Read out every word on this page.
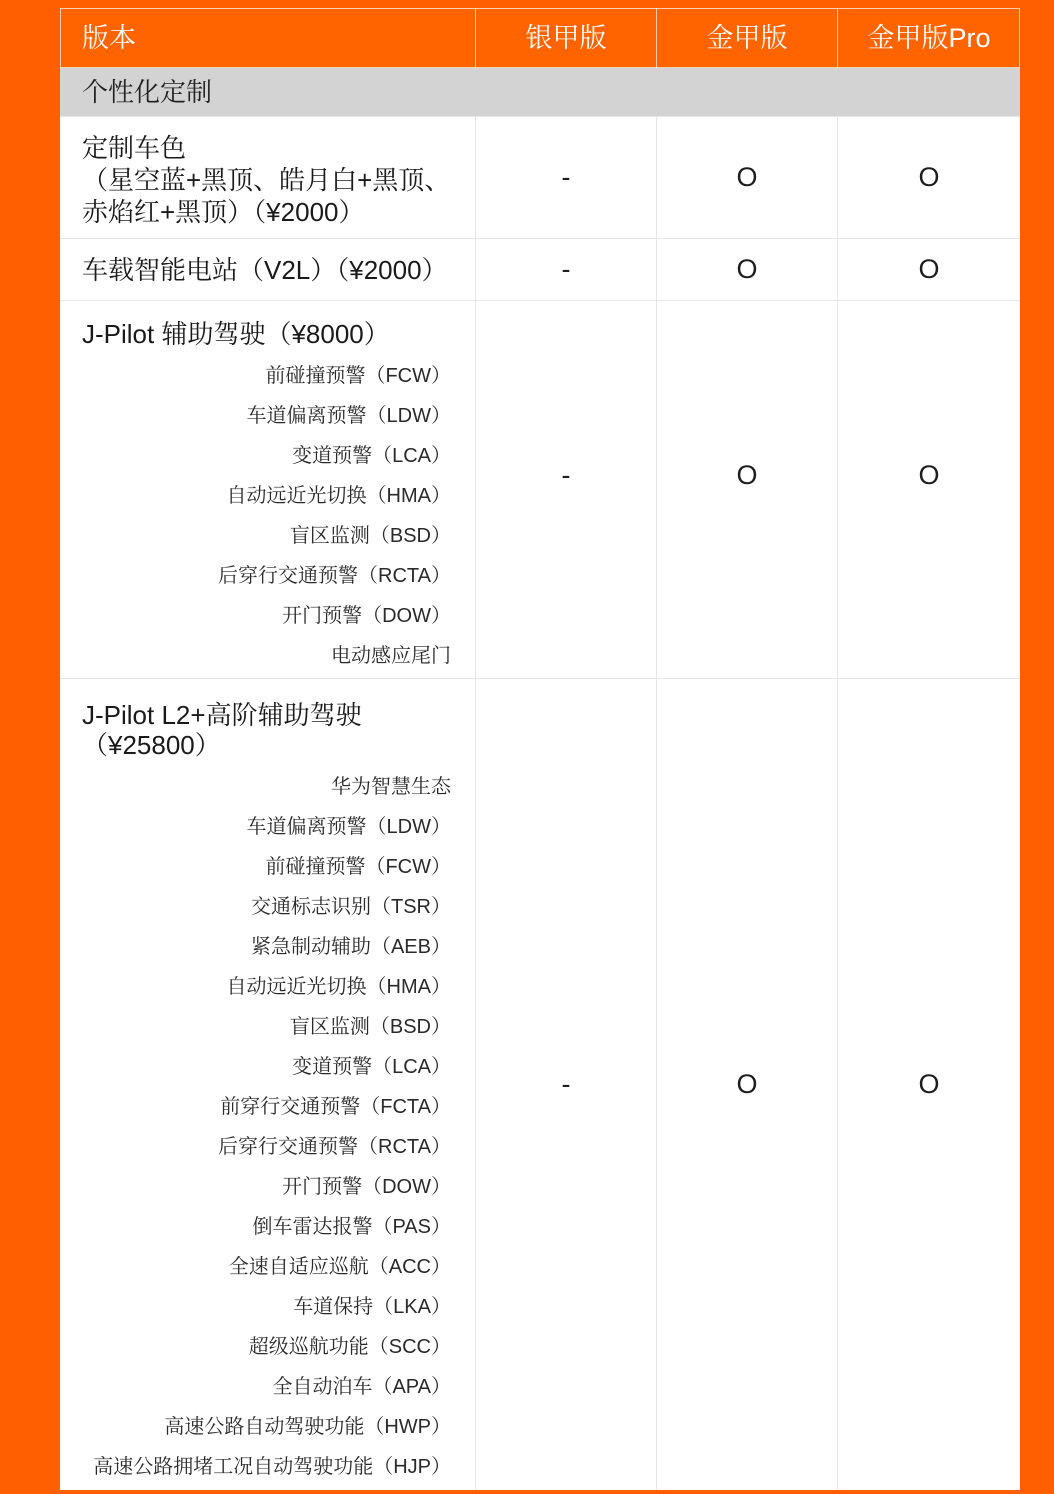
版本	银甲版	金甲版	金甲版Pro
个性化定制
定制车色
（星空蓝+黑顶、皓月白+黑顶、
赤焰红+黑顶）（¥2000）
-	O	O
车载智能电站（V2L）（¥2000）	-	O	O
J-Pilot 辅助驾驶（¥8000）
前碰撞预警（FCW）
车道偏离预警（LDW）
变道预警（LCA）
自动远近光切换（HMA）
盲区监测（BSD）
后穿行交通预警（RCTA）
开门预警（DOW）
电动感应尾门
-	O	O
J-Pilot L2+高阶辅助驾驶
（¥25800）
华为智慧生态
车道偏离预警（LDW）
前碰撞预警（FCW）
交通标志识别（TSR）
紧急制动辅助（AEB）
自动远近光切换（HMA）
盲区监测（BSD）
变道预警（LCA）
前穿行交通预警（FCTA）
后穿行交通预警（RCTA）
开门预警（DOW）
倒车雷达报警（PAS）
全速自适应巡航（ACC）
车道保持（LKA）
超级巡航功能（SCC）
全自动泊车（APA）
高速公路自动驾驶功能（HWP）
高速公路拥堵工况自动驾驶功能（HJP）
-	O	O
